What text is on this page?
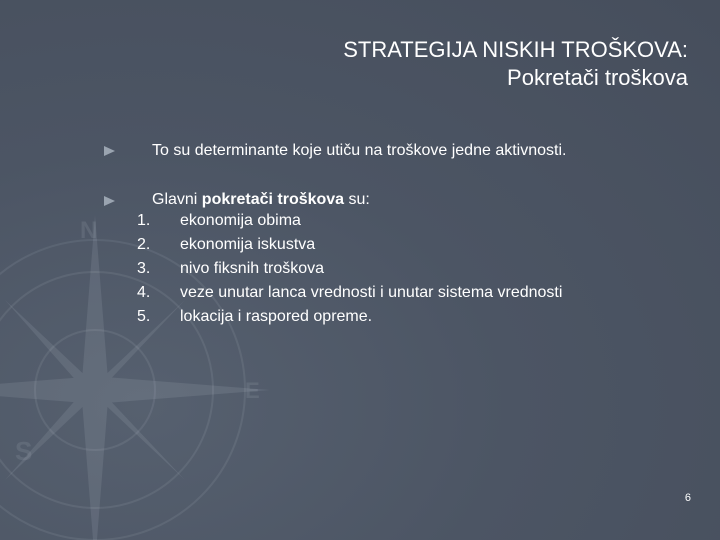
N
S
E
STRATEGIJA NISKIH TROŠKOVA:
Pokretači troškova
To su determinante koje utiču na troškove jedne aktivnosti.
Glavni pokretači troškova su:
1. ekonomija obima
2. ekonomija iskustva
3. nivo fiksnih troškova
4. veze unutar lanca vrednosti i unutar sistema vrednosti
5. lokacija i raspored opreme.
6
